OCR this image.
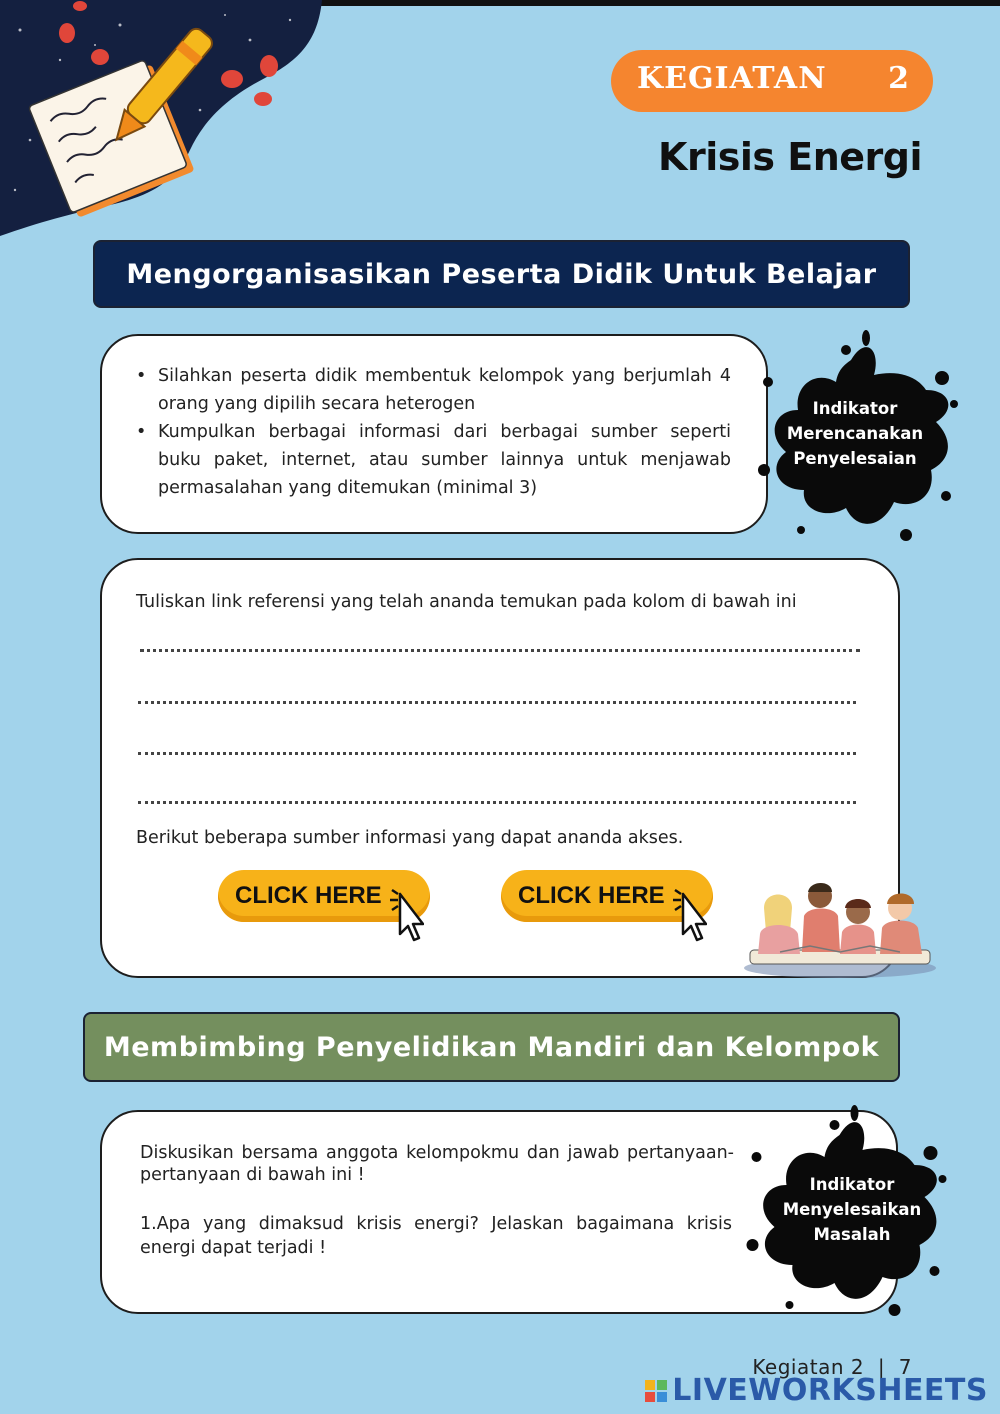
KEGIATAN 2
Krisis Energi
Mengorganisasikan Peserta Didik Untuk Belajar
• Silahkan peserta didik membentuk kelompok yang berjumlah 4 orang yang dipilih secara heterogen
• Kumpulkan berbagai informasi dari berbagai sumber seperti buku paket, internet, atau sumber lainnya untuk menjawab permasalahan yang ditemukan (minimal 3)
Indikator
Merencanakan
Penyelesaian
Tuliskan link referensi yang telah ananda temukan pada kolom di bawah ini
Berikut beberapa sumber informasi yang dapat ananda akses.
CLICK HERE	CLICK HERE
Membimbing Penyelidikan Mandiri dan Kelompok
Diskusikan bersama anggota kelompokmu dan jawab pertanyaan-pertanyaan di bawah ini !
1.Apa yang dimaksud krisis energi? Jelaskan bagaimana krisis energi dapat terjadi !
Indikator
Menyelesaikan
Masalah
Kegiatan 2  |  7
LIVEWORKSHEETS
